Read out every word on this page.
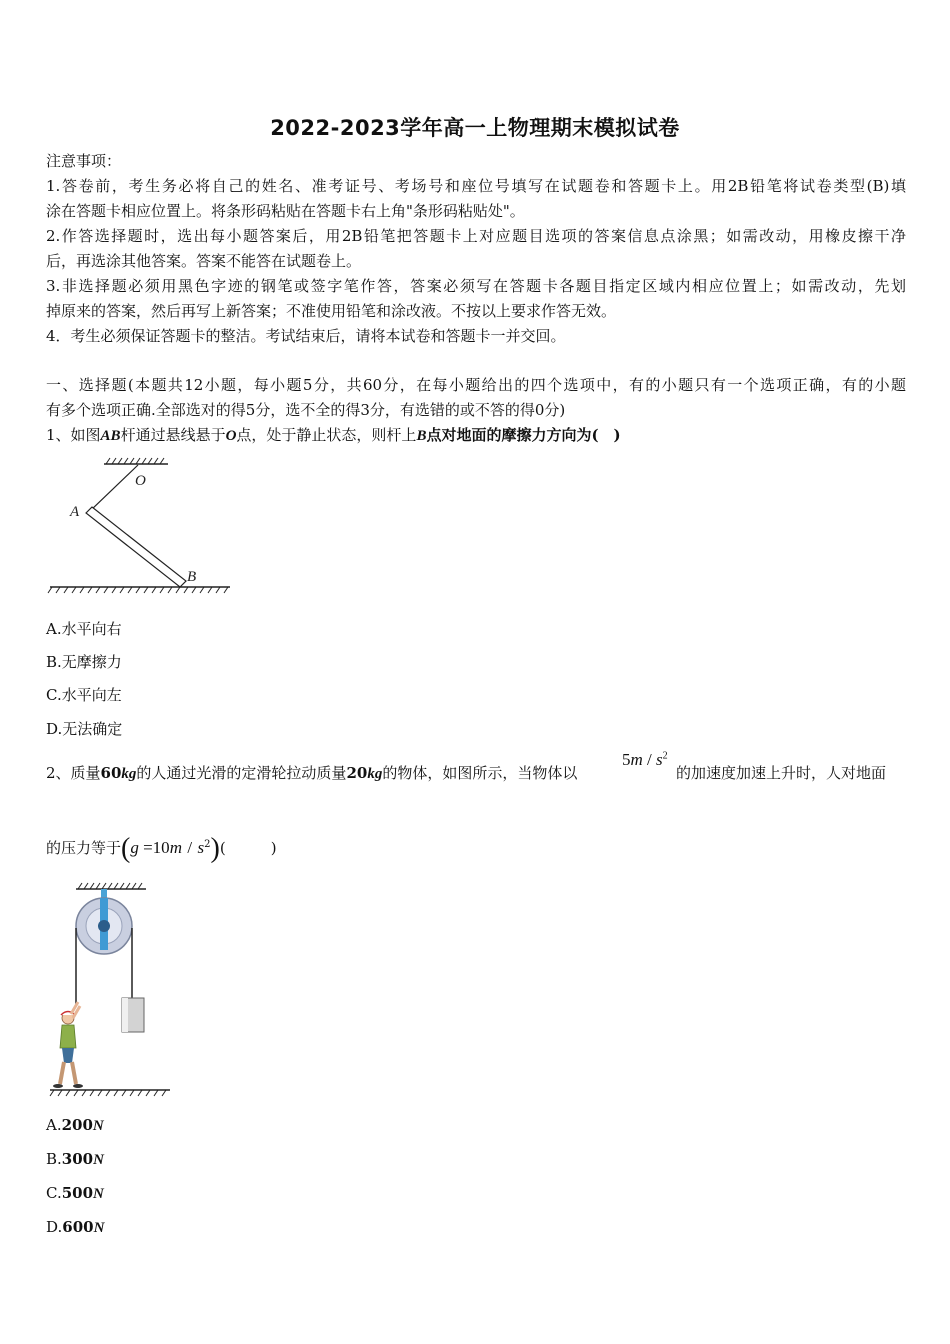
2022-2023学年高一上物理期末模拟试卷
注意事项：
1.答卷前，考生务必将自己的姓名、准考证号、考场号和座位号填写在试题卷和答题卡上。用2B铅笔将试卷类型(B)填
涂在答题卡相应位置上。将条形码粘贴在答题卡右上角"条形码粘贴处"。
2.作答选择题时，选出每小题答案后，用2B铅笔把答题卡上对应题目选项的答案信息点涂黑；如需改动，用橡皮擦干净
后，再选涂其他答案。答案不能答在试题卷上。
3.非选择题必须用黑色字迹的钢笔或签字笔作答，答案必须写在答题卡各题目指定区域内相应位置上；如需改动，先划
掉原来的答案，然后再写上新答案；不准使用铅笔和涂改液。不按以上要求作答无效。
4．考生必须保证答题卡的整洁。考试结束后，请将本试卷和答题卡一并交回。
一、选择题(本题共12小题，每小题5分，共60分，在每小题给出的四个选项中，有的小题只有一个选项正确，有的小题
有多个选项正确.全部选对的得5分，选不全的得3分，有选错的或不答的得0分)
1、如图AB杆通过悬线悬于O点，处于静止状态，则杆上B点对地面的摩擦力方向为(　)
O
A
B
A.水平向右
B.无摩擦力
C.水平向左
D.无法确定
2、质量60kg的人通过光滑的定滑轮拉动质量20kg的物体，如图所示，当物体以
$5m / s^2$
的加速度加速上升时，人对地面
的压力等于$(g =10m / s^2)$(　　　)
A.200N
B.300N
C.500N
D.600N
